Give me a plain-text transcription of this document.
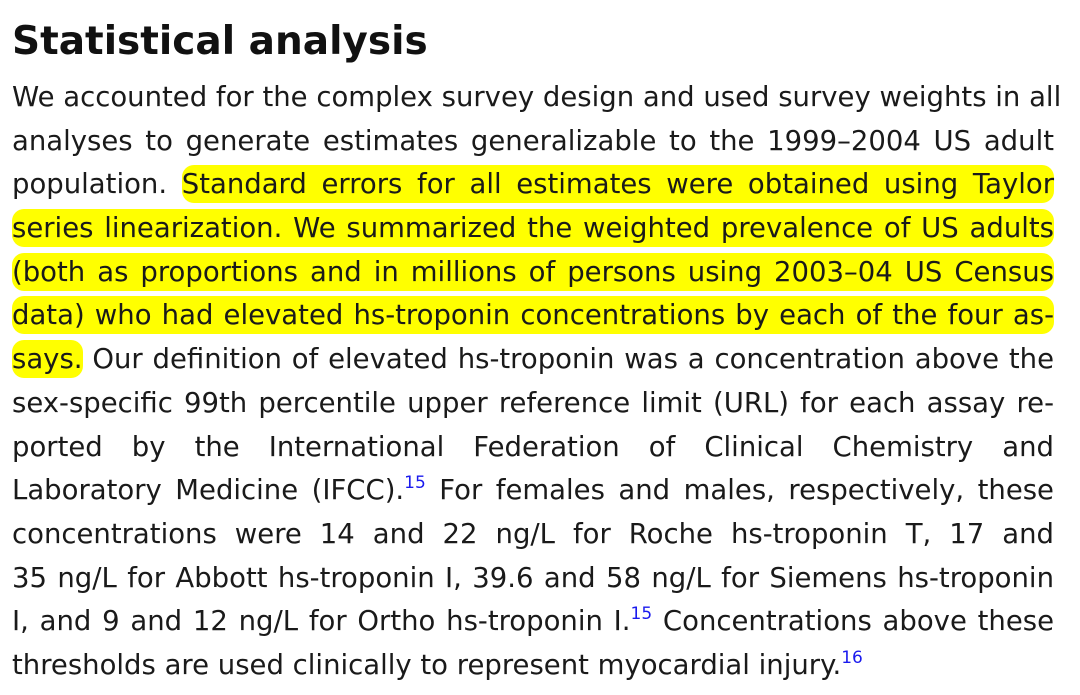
Statistical analysis
We accounted for the complex survey design and used survey weights in all
analyses to generate estimates generalizable to the 1999–2004 US adult
population. Standard errors for all estimates were obtained using Taylor
series linearization. We summarized the weighted prevalence of US adults
(both as proportions and in millions of persons using 2003–04 US Census
data) who had elevated hs-troponin concentrations by each of the four as-
says. Our definition of elevated hs-troponin was a concentration above the
sex-specific 99th percentile upper reference limit (URL) for each assay re-
ported by the International Federation of Clinical Chemistry and
Laboratory Medicine (IFCC).$^{15}$ For females and males, respectively, these
concentrations were 14 and 22 ng/L for Roche hs-troponin T, 17 and
35 ng/L for Abbott hs-troponin I, 39.6 and 58 ng/L for Siemens hs-troponin
I, and 9 and 12 ng/L for Ortho hs-troponin I.$^{15}$ Concentrations above these
thresholds are used clinically to represent myocardial injury.$^{16}$
